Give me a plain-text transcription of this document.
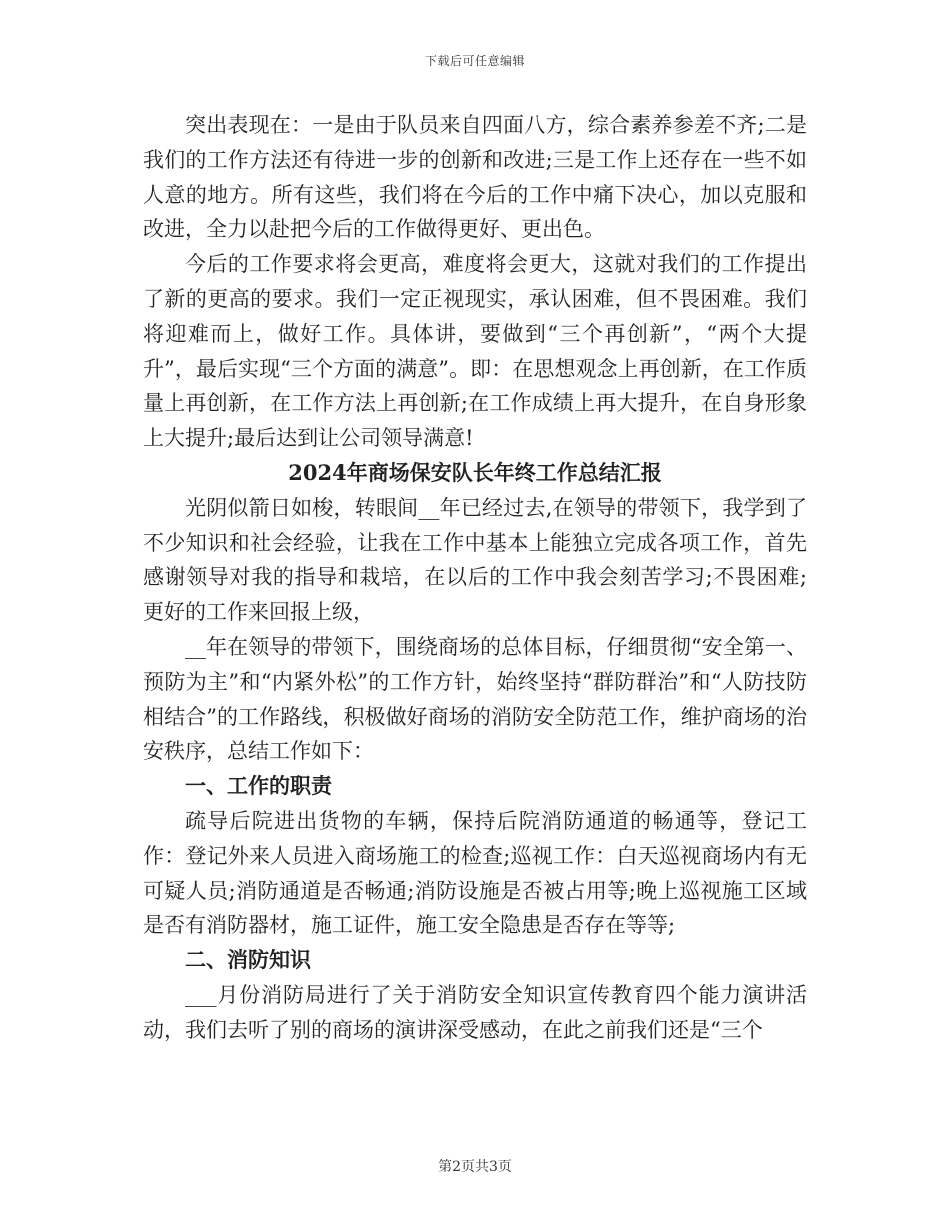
下载后可任意编辑

突出表现在：一是由于队员来自四面八方，综合素养参差不齐;二是我们的工作方法还有待进一步的创新和改进;三是工作上还存在一些不如人意的地方。所有这些，我们将在今后的工作中痛下决心，加以克服和改进，全力以赴把今后的工作做得更好、更出色。

今后的工作要求将会更高，难度将会更大，这就对我们的工作提出了新的更高的要求。我们一定正视现实，承认困难，但不畏困难。我们将迎难而上，做好工作。具体讲，要做到“三个再创新”，“两个大提升”，最后实现“三个方面的满意”。即：在思想观念上再创新，在工作质量上再创新，在工作方法上再创新;在工作成绩上再大提升，在自身形象上大提升;最后达到让公司领导满意!

2024年商场保安队长年终工作总结汇报

光阴似箭日如梭，转眼间__年已经过去,在领导的带领下，我学到了不少知识和社会经验，让我在工作中基本上能独立完成各项工作，首先感谢领导对我的指导和栽培，在以后的工作中我会刻苦学习;不畏困难;更好的工作来回报上级，

__年在领导的带领下，围绕商场的总体目标，仔细贯彻“安全第一、预防为主”和“内紧外松”的工作方针，始终坚持“群防群治”和“人防技防相结合”的工作路线，积极做好商场的消防安全防范工作，维护商场的治安秩序，总结工作如下：

一、工作的职责

疏导后院进出货物的车辆，保持后院消防通道的畅通等，登记工作：登记外来人员进入商场施工的检查;巡视工作：白天巡视商场内有无可疑人员;消防通道是否畅通;消防设施是否被占用等;晚上巡视施工区域是否有消防器材，施工证件，施工安全隐患是否存在等等;

二、消防知识

___月份消防局进行了关于消防安全知识宣传教育四个能力演讲活动，我们去听了别的商场的演讲深受感动，在此之前我们还是“三个

第2页共3页
